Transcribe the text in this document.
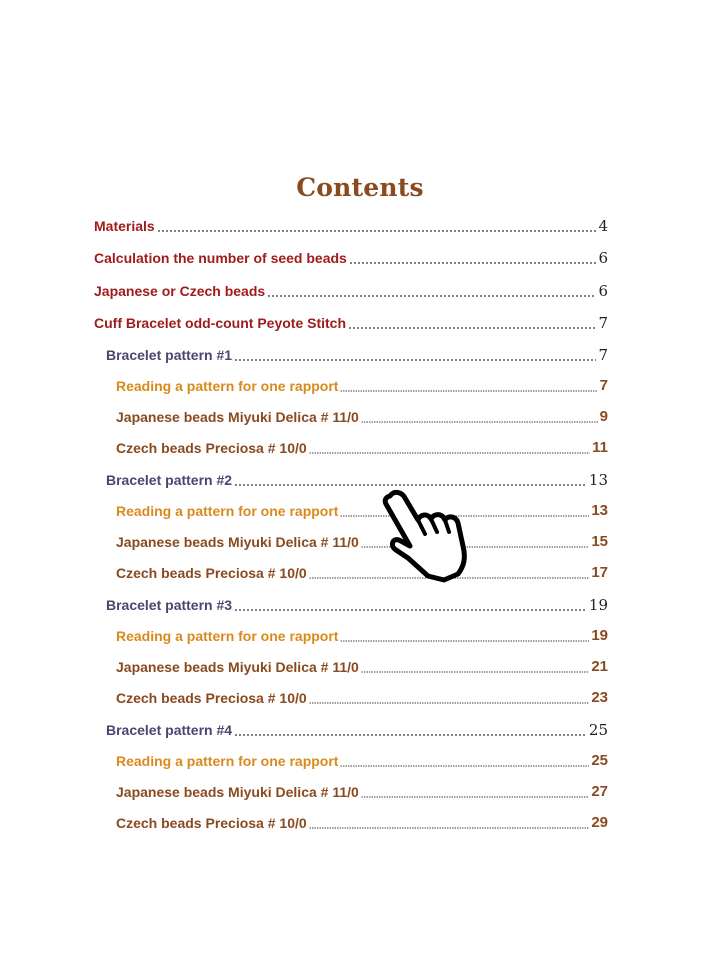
Contents
Materials	4
Calculation the number of seed beads	6
Japanese or Czech beads	6
Cuff Bracelet odd-count Peyote Stitch	7
Bracelet pattern #1	7
Reading a pattern for one rapport	7
Japanese beads Miyuki Delica # 11/0	9
Czech beads Preciosa # 10/0	11
Bracelet pattern #2	13
Reading a pattern for one rapport	13
Japanese beads Miyuki Delica # 11/0	15
Czech beads Preciosa # 10/0	17
Bracelet pattern #3	19
Reading a pattern for one rapport	19
Japanese beads Miyuki Delica # 11/0	21
Czech beads Preciosa # 10/0	23
Bracelet pattern #4	25
Reading a pattern for one rapport	25
Japanese beads Miyuki Delica # 11/0	27
Czech beads Preciosa # 10/0	29
